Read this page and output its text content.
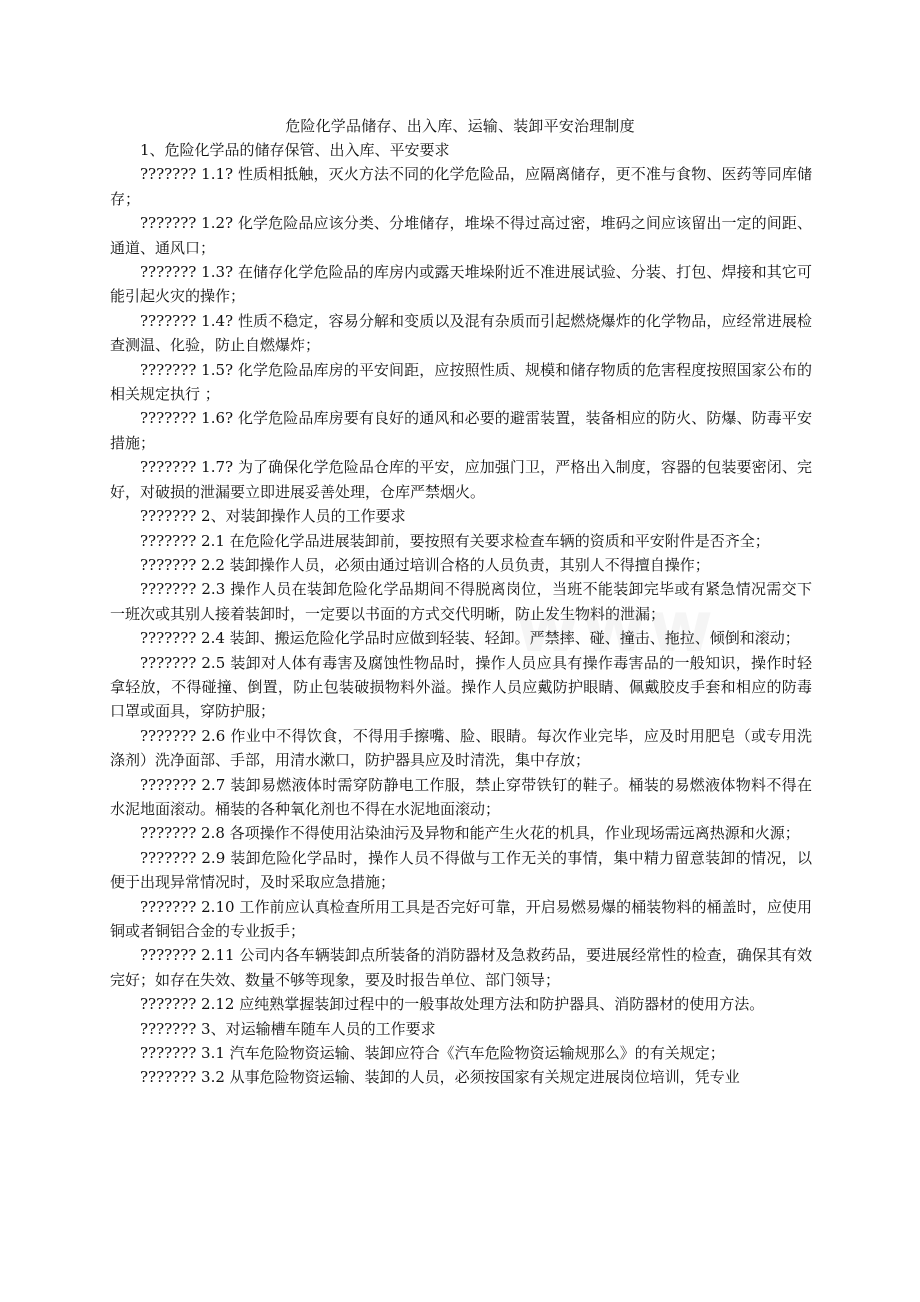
危险化学品储存、出入库、运输、装卸平安治理制度

1、危险化学品的储存保管、出入库、平安要求

??????? 1.1? 性质相抵触，灭火方法不同的化学危险品，应隔离储存，更不准与食物、医药等同库储存；

??????? 1.2? 化学危险品应该分类、分堆储存，堆垛不得过高过密，堆码之间应该留出一定的间距、通道、通风口；

??????? 1.3? 在储存化学危险品的库房内或露天堆垛附近不准进展试验、分装、打包、焊接和其它可能引起火灾的操作；

??????? 1.4? 性质不稳定，容易分解和变质以及混有杂质而引起燃烧爆炸的化学物品，应经常进展检查测温、化验，防止自燃爆炸；

??????? 1.5? 化学危险品库房的平安间距，应按照性质、规模和储存物质的危害程度按照国家公布的相关规定执行 ；

??????? 1.6? 化学危险品库房要有良好的通风和必要的避雷装置，装备相应的防火、防爆、防毒平安措施；

??????? 1.7? 为了确保化学危险品仓库的平安，应加强门卫，严格出入制度，容器的包装要密闭、完好，对破损的泄漏要立即进展妥善处理，仓库严禁烟火。

??????? 2、对装卸操作人员的工作要求

??????? 2.1 在危险化学品进展装卸前，要按照有关要求检查车辆的资质和平安附件是否齐全；

??????? 2.2 装卸操作人员，必须由通过培训合格的人员负责，其别人不得擅自操作；

??????? 2.3 操作人员在装卸危险化学品期间不得脱离岗位，当班不能装卸完毕或有紧急情况需交下一班次或其别人接着装卸时，一定要以书面的方式交代明晰，防止发生物料的泄漏；

??????? 2.4 装卸、搬运危险化学品时应做到轻装、轻卸。严禁摔、碰、撞击、拖拉、倾倒和滚动；

??????? 2.5 装卸对人体有毒害及腐蚀性物品时，操作人员应具有操作毒害品的一般知识，操作时轻拿轻放，不得碰撞、倒置，防止包装破损物料外溢。操作人员应戴防护眼睛、佩戴胶皮手套和相应的防毒口罩或面具，穿防护服；

??????? 2.6 作业中不得饮食，不得用手擦嘴、脸、眼睛。每次作业完毕，应及时用肥皂（或专用洗涤剂）洗净面部、手部，用清水漱口，防护器具应及时清洗，集中存放；

??????? 2.7 装卸易燃液体时需穿防静电工作服，禁止穿带铁钉的鞋子。桶装的易燃液体物料不得在水泥地面滚动。桶装的各种氧化剂也不得在水泥地面滚动；

??????? 2.8 各项操作不得使用沾染油污及异物和能产生火花的机具，作业现场需远离热源和火源；

??????? 2.9 装卸危险化学品时，操作人员不得做与工作无关的事情，集中精力留意装卸的情况，以便于出现异常情况时，及时采取应急措施；

??????? 2.10 工作前应认真检查所用工具是否完好可靠，开启易燃易爆的桶装物料的桶盖时，应使用铜或者铜铝合金的专业扳手；

??????? 2.11 公司内各车辆装卸点所装备的消防器材及急救药品，要进展经常性的检查，确保其有效完好；如存在失效、数量不够等现象，要及时报告单位、部门领导；

??????? 2.12 应纯熟掌握装卸过程中的一般事故处理方法和防护器具、消防器材的使用方法。

??????? 3、对运输槽车随车人员的工作要求

??????? 3.1 汽车危险物资运输、装卸应符合《汽车危险物资运输规那么》的有关规定；

??????? 3.2 从事危险物资运输、装卸的人员，必须按国家有关规定进展岗位培训，凭专业
